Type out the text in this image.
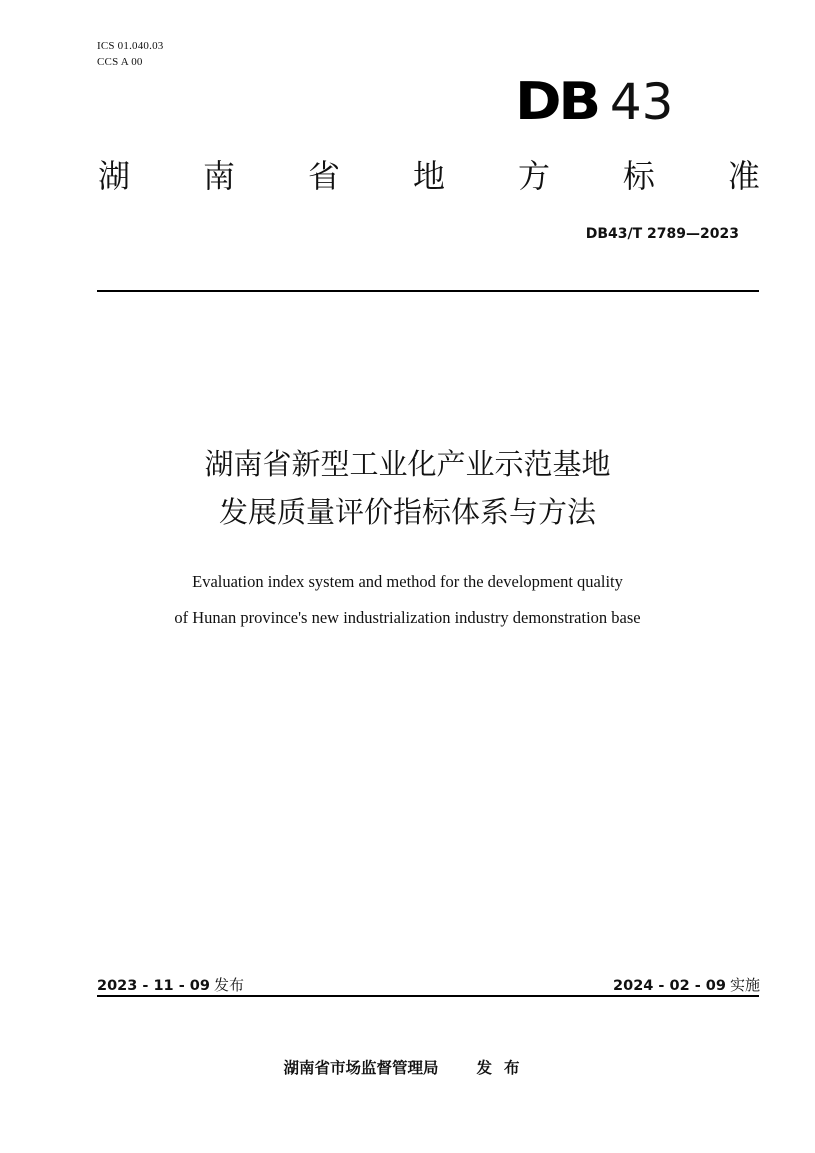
ICS 01.040.03
CCS A 00
DB 43
湖 南 省 地 方 标 准
DB43/T 2789—2023
湖南省新型工业化产业示范基地
发展质量评价指标体系与方法
Evaluation index system and method for the development quality
of Hunan province's new industrialization industry demonstration base
2023 - 11 - 09 发布	2024 - 02 - 09 实施
湖南省市场监督管理局 发布
